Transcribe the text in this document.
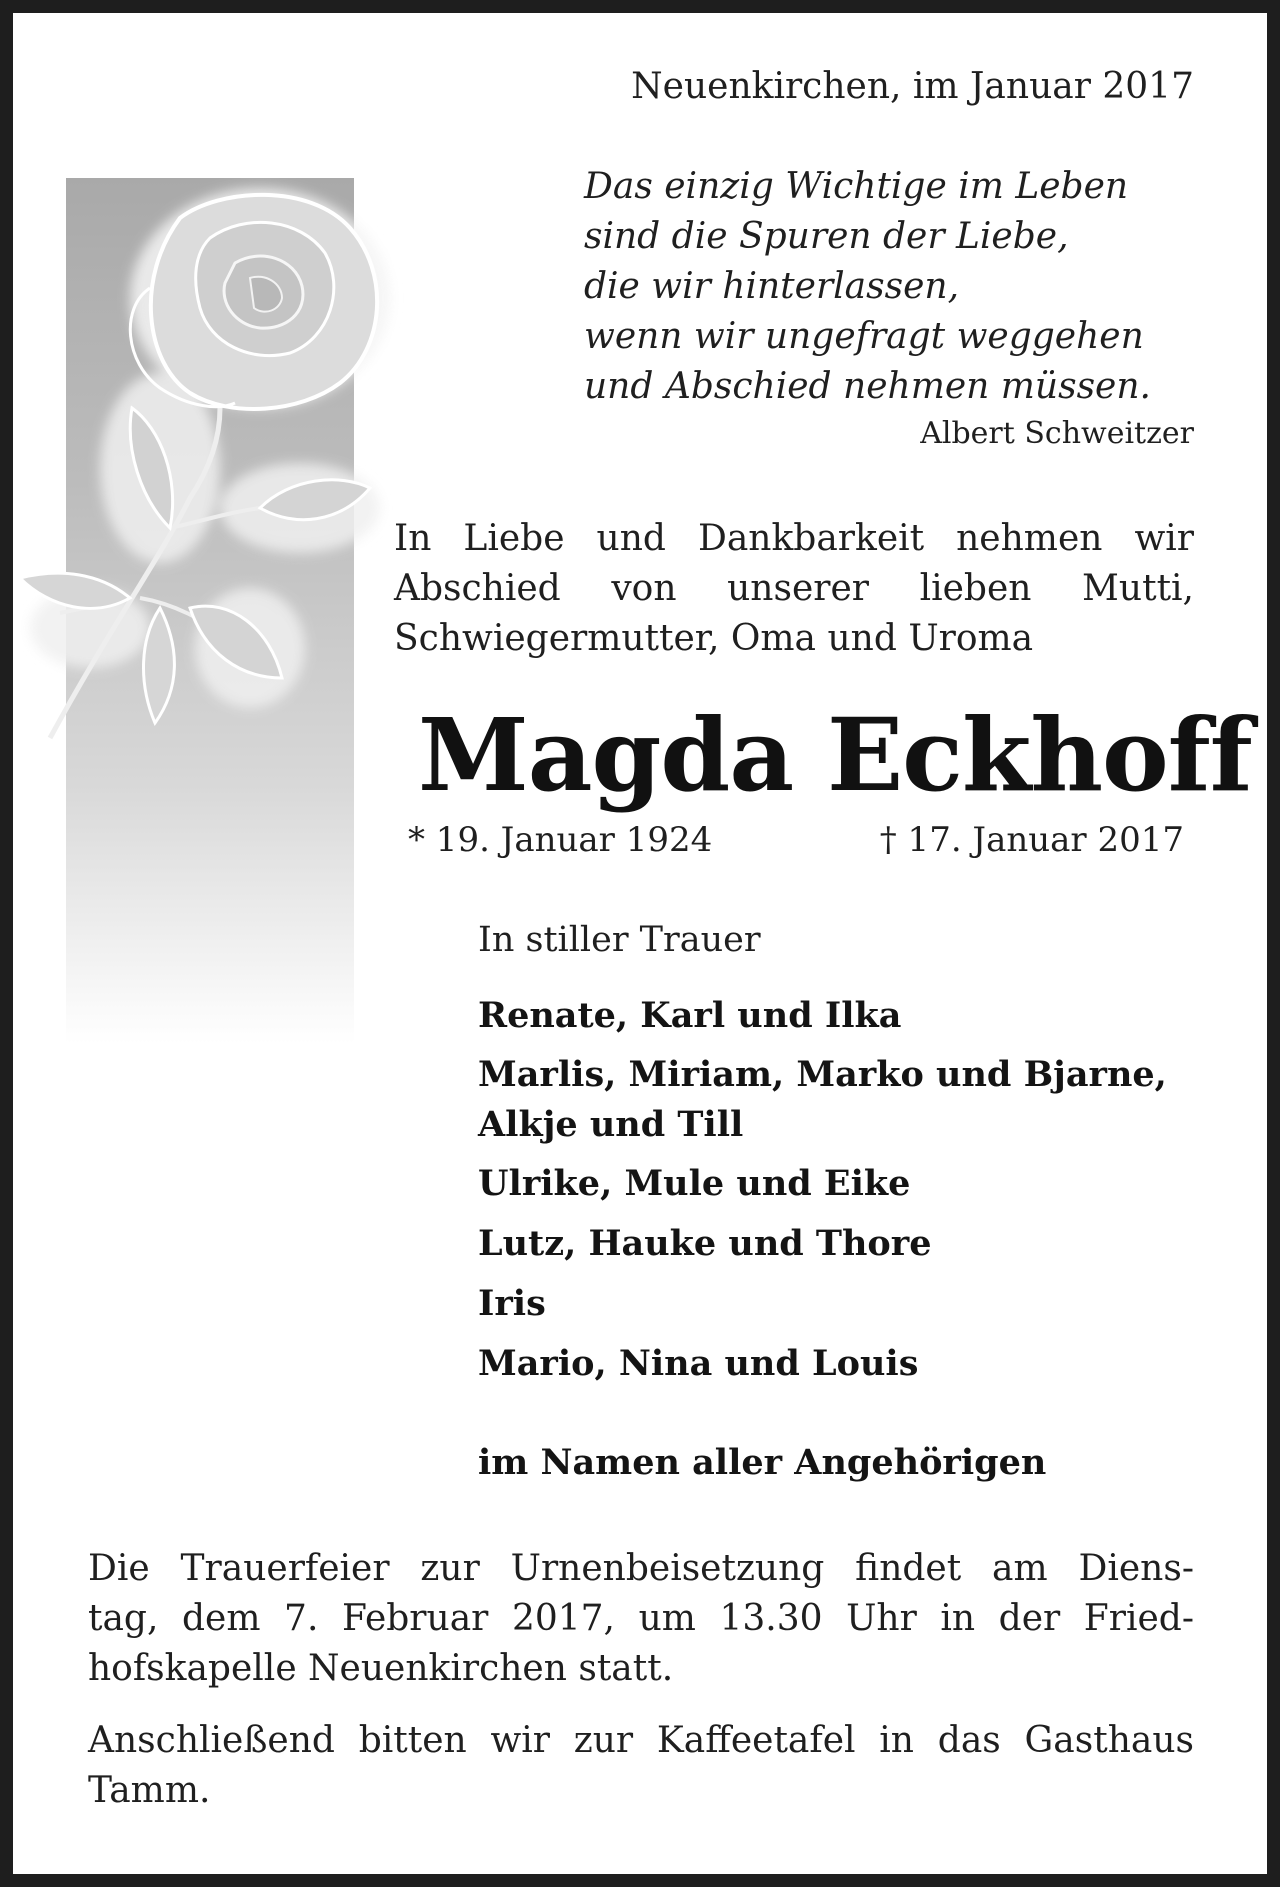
Neuenkirchen, im Januar 2017
Das einzig Wichtige im Leben
sind die Spuren der Liebe,
die wir hinterlassen,
wenn wir ungefragt weggehen
und Abschied nehmen müssen.
Albert Schweitzer
In Liebe und Dankbarkeit nehmen wir
Abschied von unserer lieben Mutti,
Schwiegermutter, Oma und Uroma
Magda Eckhoff
* 19. Januar 1924	† 17. Januar 2017
In stiller Trauer
Renate, Karl und Ilka
Marlis, Miriam, Marko und Bjarne,
Alkje und Till
Ulrike, Mule und Eike
Lutz, Hauke und Thore
Iris
Mario, Nina und Louis
im Namen aller Angehörigen
Die Trauerfeier zur Urnenbeisetzung findet am Diens-
tag, dem 7. Februar 2017, um 13.30 Uhr in der Fried-
hofskapelle Neuenkirchen statt.
Anschließend bitten wir zur Kaffeetafel in das Gasthaus
Tamm.
